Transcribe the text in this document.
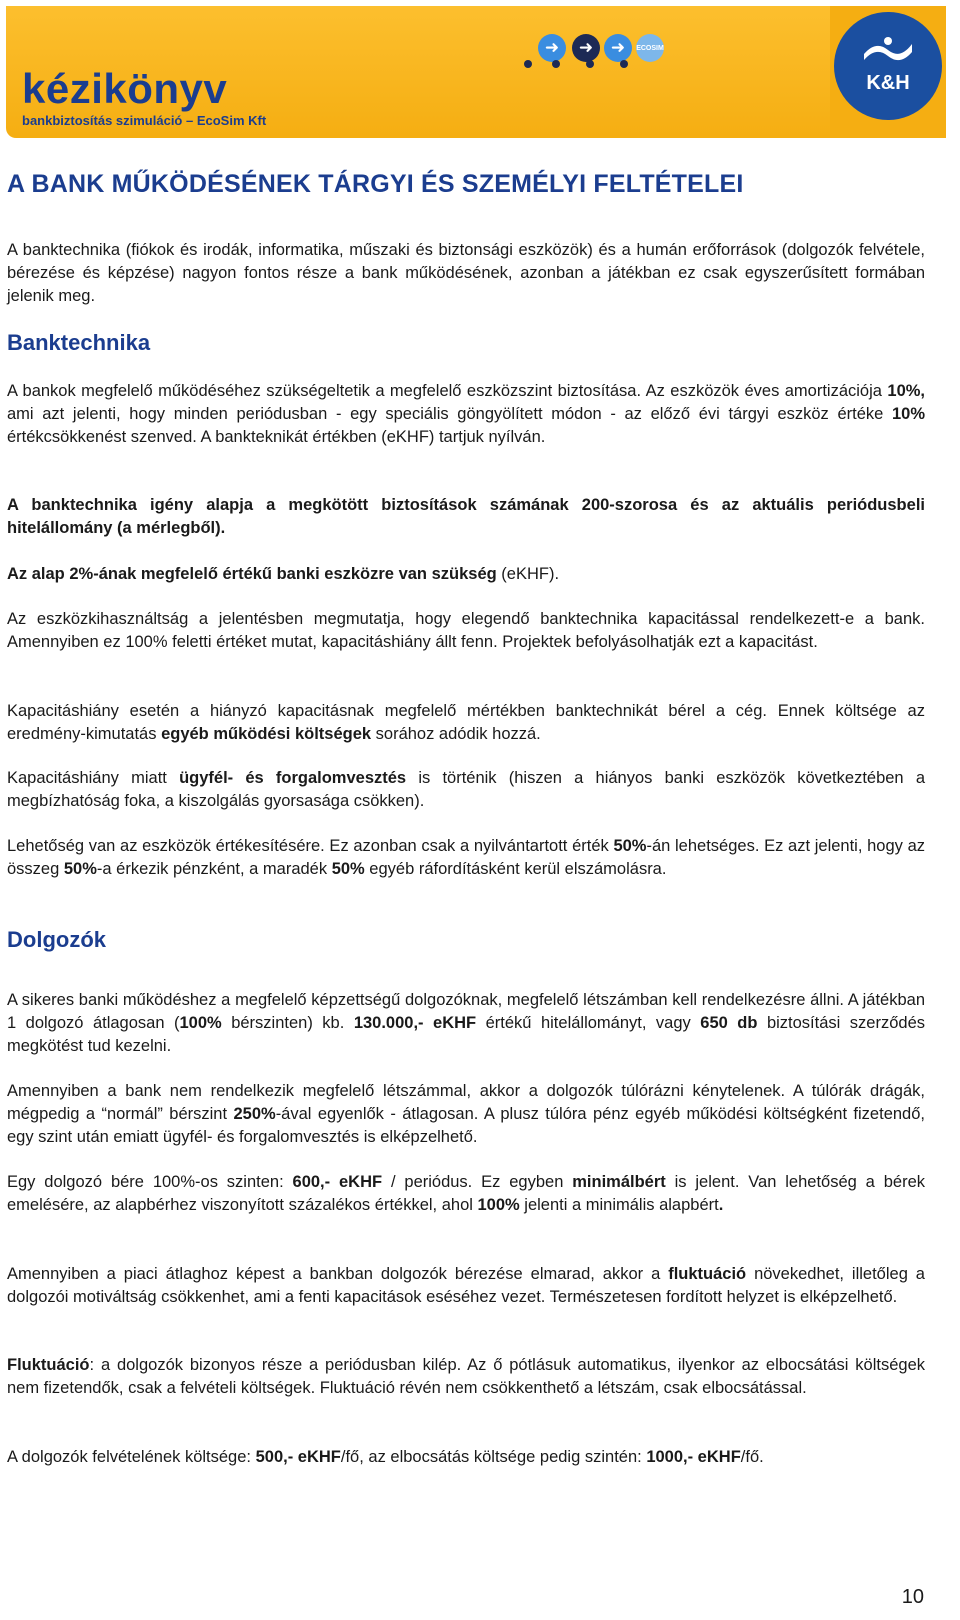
kézikönyv
bankbiztosítás szimuláció – EcoSim Kft
➜	➜	➜	ECOSIM
K&H
A BANK MŰKÖDÉSÉNEK TÁRGYI ÉS SZEMÉLYI FELTÉTELEI

A banktechnika (fiókok és irodák, informatika, műszaki és biztonsági eszközök) és a humán erőforrások (dolgozók felvétele, bérezése és képzése) nagyon fontos része a bank működésének, azonban a játékban ez csak egyszerűsített formában jelenik meg.

Banktechnika

A bankok megfelelő működéséhez szükségeltetik a megfelelő eszközszint biztosítása. Az eszközök éves amortizációja 10%, ami azt jelenti, hogy minden periódusban - egy speciális göngyölített módon - az előző évi tárgyi eszköz értéke 10% értékcsökkenést szenved. A bankteknikát értékben (eKHF) tartjuk nyílván.

A banktechnika igény alapja a megkötött biztosítások számának 200-szorosa és az aktuális periódusbeli hitelállomány (a mérlegből).

Az alap 2%-ának megfelelő értékű banki eszközre van szükség (eKHF).

Az eszközkihasználtság a jelentésben megmutatja, hogy elegendő banktechnika kapacitással rendelkezett-e a bank. Amennyiben ez 100% feletti értéket mutat, kapacitáshiány állt fenn. Projektek befolyásolhatják ezt a kapacitást.

Kapacitáshiány esetén a hiányzó kapacitásnak megfelelő mértékben banktechnikát bérel a cég. Ennek költsége az eredmény-kimutatás egyéb működési költségek sorához adódik hozzá.

Kapacitáshiány miatt ügyfél- és forgalomvesztés is történik (hiszen a hiányos banki eszközök következtében a megbízhatóság foka, a kiszolgálás gyorsasága csökken).

Lehetőség van az eszközök értékesítésére. Ez azonban csak a nyilvántartott érték 50%-án lehetséges. Ez azt jelenti, hogy az összeg 50%-a érkezik pénzként, a maradék 50% egyéb ráfordításként kerül elszámolásra.

Dolgozók

A sikeres banki működéshez a megfelelő képzettségű dolgozóknak, megfelelő létszámban kell rendelkezésre állni. A játékban 1 dolgozó átlagosan (100% bérszinten) kb. 130.000,- eKHF értékű hitelállományt, vagy 650 db biztosítási szerződés megkötést tud kezelni.

Amennyiben a bank nem rendelkezik megfelelő létszámmal, akkor a dolgozók túlórázni kénytelenek. A túlórák drágák, mégpedig a “normál” bérszint 250%-ával egyenlők - átlagosan. A plusz túlóra pénz egyéb működési költségként fizetendő, egy szint után emiatt ügyfél- és forgalomvesztés is elképzelhető.

Egy dolgozó bére 100%-os szinten: 600,- eKHF / periódus. Ez egyben minimálbért is jelent. Van lehetőség a bérek emelésére, az alapbérhez viszonyított százalékos értékkel, ahol 100% jelenti a minimális alapbért.

Amennyiben a piaci átlaghoz képest a bankban dolgozók bérezése elmarad, akkor a fluktuáció növekedhet, illetőleg a dolgozói motiváltság csökkenhet, ami a fenti kapacitások eséséhez vezet. Természetesen fordított helyzet is elképzelhető.

Fluktuáció: a dolgozók bizonyos része a periódusban kilép. Az ő pótlásuk automatikus, ilyenkor az elbocsátási költségek nem fizetendők, csak a felvételi költségek. Fluktuáció révén nem csökkenthető a létszám, csak elbocsátással.

A dolgozók felvételének költsége: 500,- eKHF/fő, az elbocsátás költsége pedig szintén: 1000,- eKHF/fő.

10
